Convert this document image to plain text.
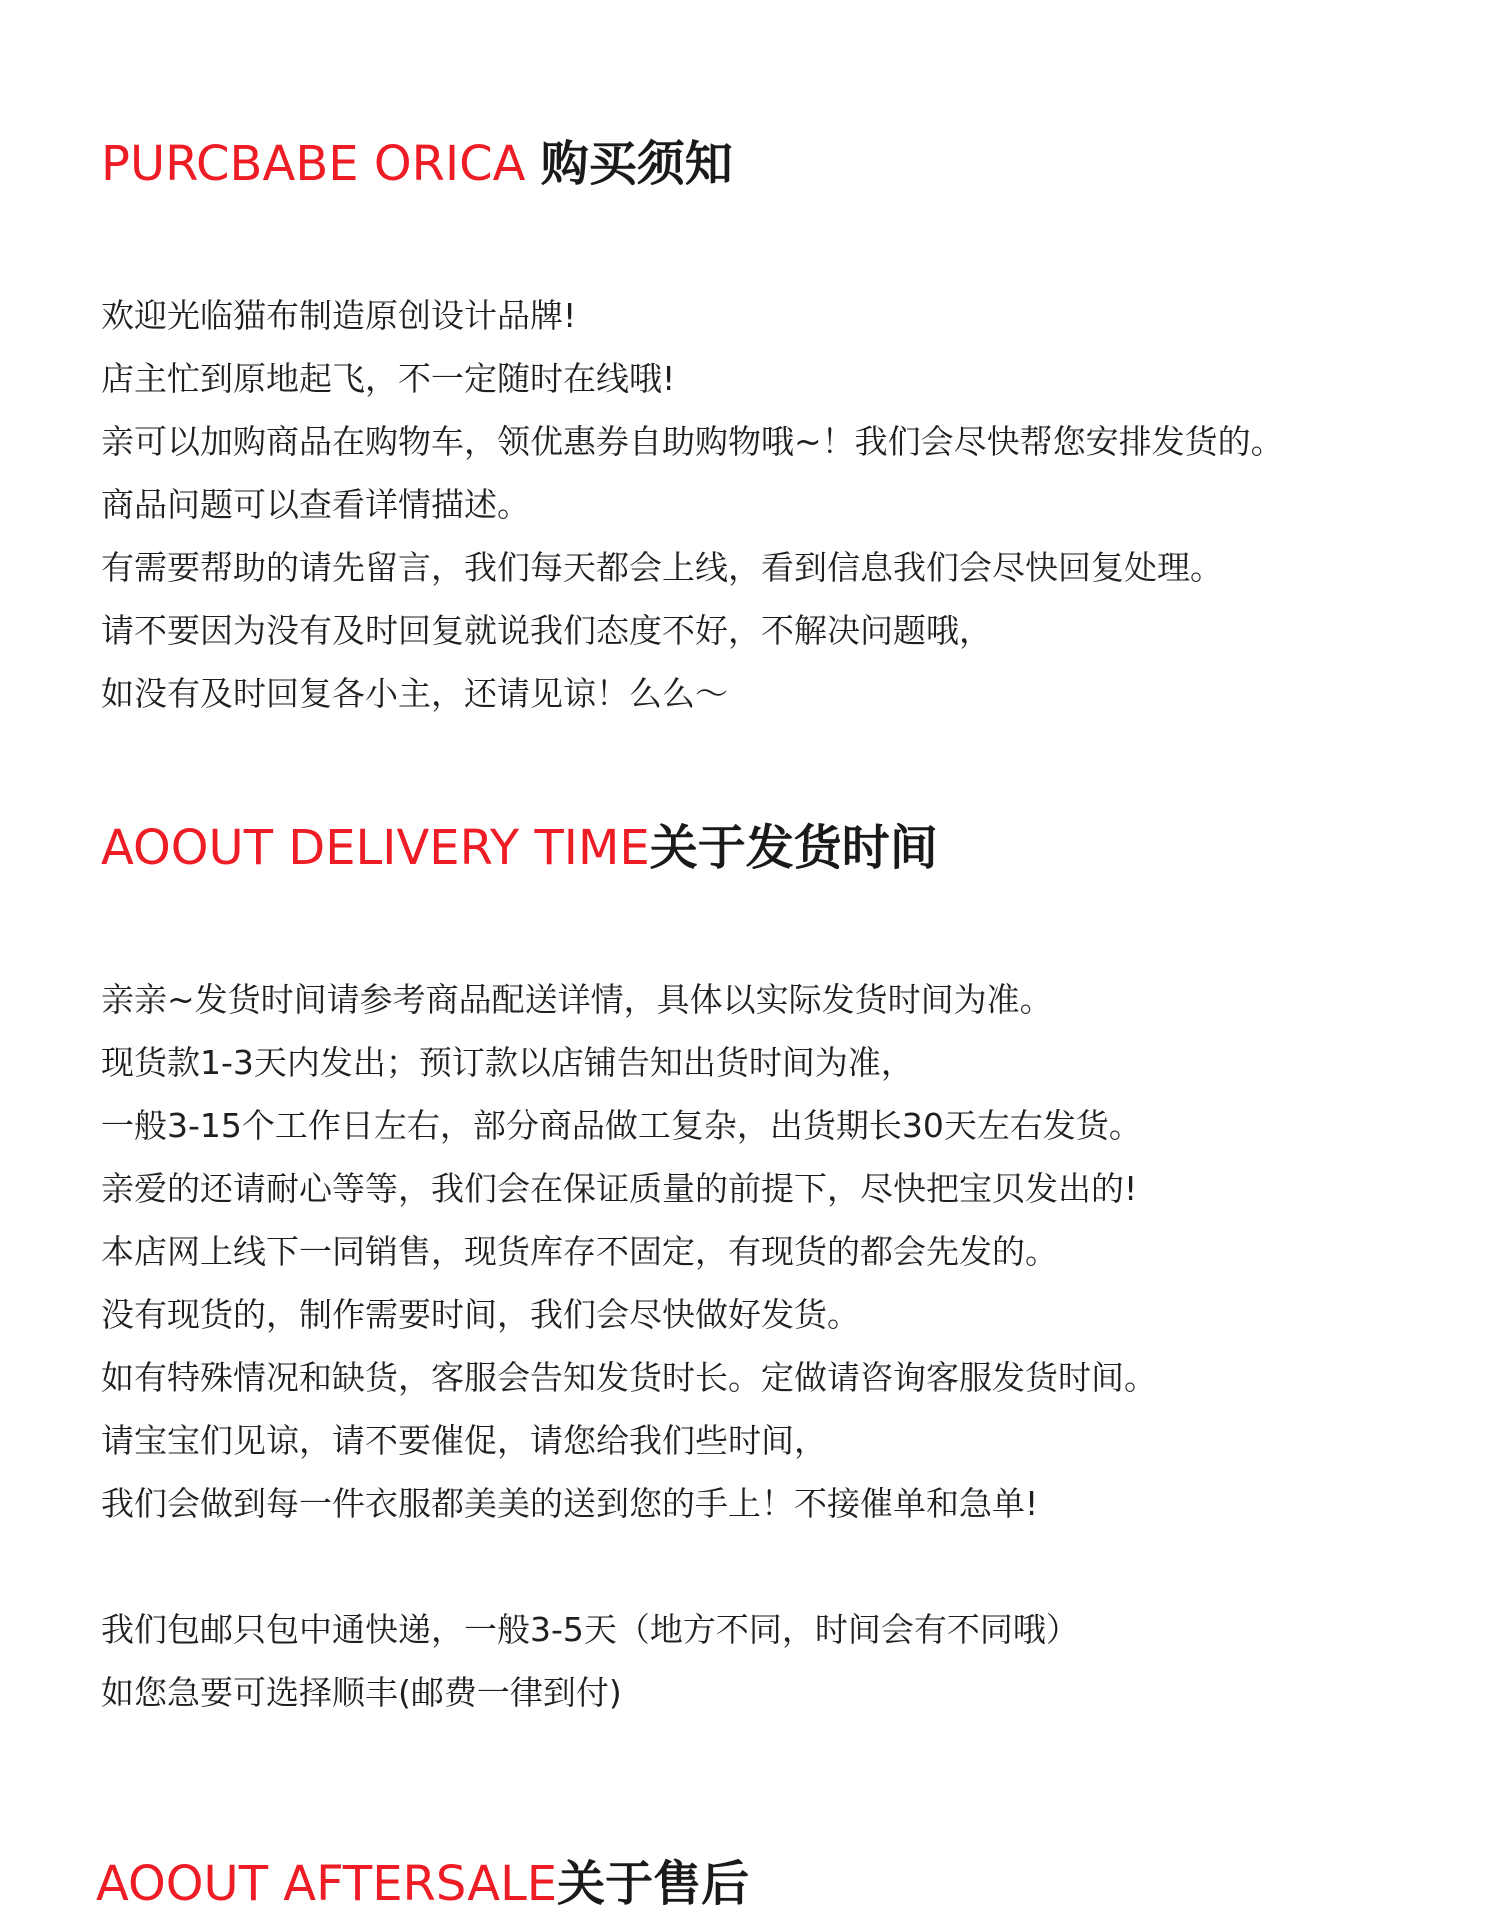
PURCBABE ORICA 购买须知
欢迎光临猫布制造原创设计品牌!
店主忙到原地起飞，不一定随时在线哦!
亲可以加购商品在购物车，领优惠券自助购物哦~！我们会尽快帮您安排发货的。
商品问题可以查看详情描述。
有需要帮助的请先留言，我们每天都会上线，看到信息我们会尽快回复处理。
请不要因为没有及时回复就说我们态度不好，不解决问题哦，
如没有及时回复各小主，还请见谅！么么～
AOOUT DELIVERY TIME关于发货时间
亲亲~发货时间请参考商品配送详情，具体以实际发货时间为准。
现货款1-3天内发出；预订款以店铺告知出货时间为准，
一般3-15个工作日左右，部分商品做工复杂，出货期长30天左右发货。
亲爱的还请耐心等等，我们会在保证质量的前提下，尽快把宝贝发出的!
本店网上线下一同销售，现货库存不固定，有现货的都会先发的。
没有现货的，制作需要时间，我们会尽快做好发货。
如有特殊情况和缺货，客服会告知发货时长。定做请咨询客服发货时间。
请宝宝们见谅，请不要催促，请您给我们些时间，
我们会做到每一件衣服都美美的送到您的手上！不接催单和急单!
我们包邮只包中通快递，一般3-5天（地方不同，时间会有不同哦）
如您急要可选择顺丰(邮费一律到付)
AOOUT AFTERSALE关于售后
